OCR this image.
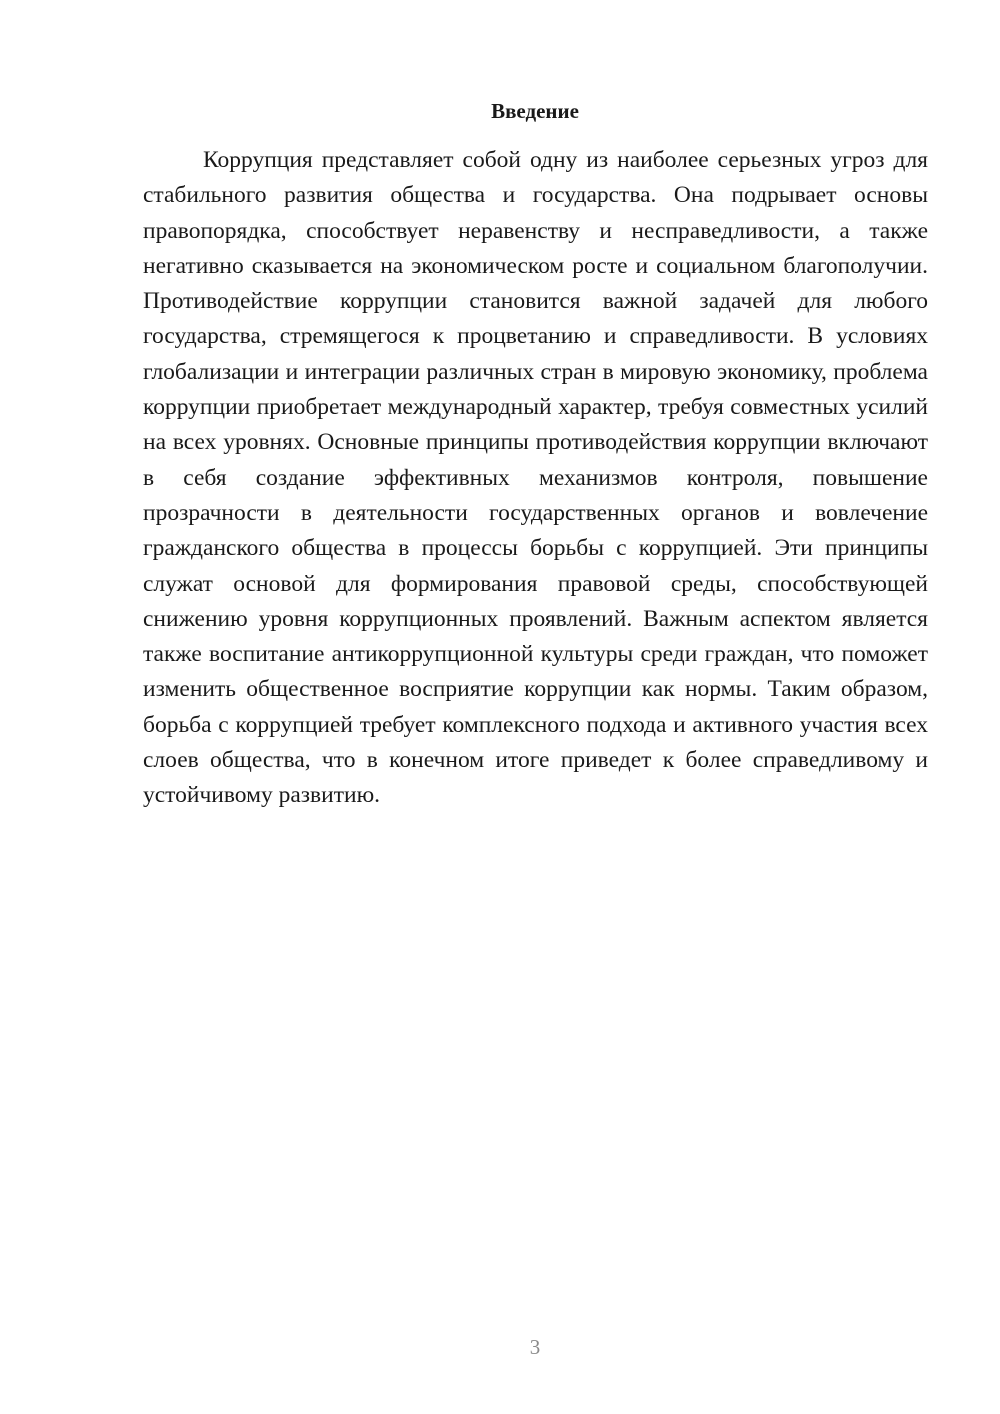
Введение

Коррупция представляет собой одну из наиболее серьезных угроз для стабильного развития общества и государства. Она подрывает основы правопорядка, способствует неравенству и несправедливости, а также негативно сказывается на экономическом росте и социальном благополучии. Противодействие коррупции становится важной задачей для любого государства, стремящегося к процветанию и справедливости. В условиях глобализации и интеграции различных стран в мировую экономику, проблема коррупции приобретает международный характер, требуя совместных усилий на всех уровнях. Основные принципы противодействия коррупции включают в себя создание эффективных механизмов контроля, повышение прозрачности в деятельности государственных органов и вовлечение гражданского общества в процессы борьбы с коррупцией. Эти принципы служат основой для формирования правовой среды, способствующей снижению уровня коррупционных проявлений. Важным аспектом является также воспитание антикоррупционной культуры среди граждан, что поможет изменить общественное восприятие коррупции как нормы. Таким образом, борьба с коррупцией требует комплексного подхода и активного участия всех слоев общества, что в конечном итоге приведет к более справедливому и устойчивому развитию.

3
